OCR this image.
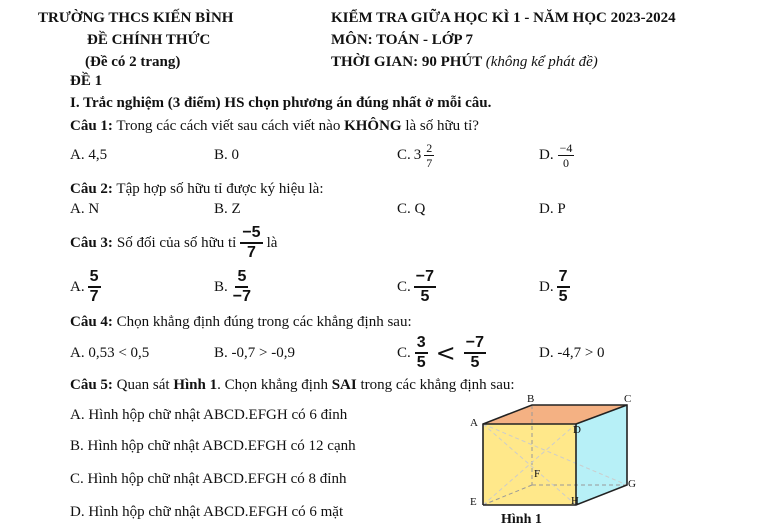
TRƯỜNG THCS KIẾN BÌNH
ĐỀ CHÍNH THỨC
(Đề có 2 trang)
KIỂM TRA GIỮA HỌC KÌ 1 - NĂM HỌC 2023-2024
MÔN: TOÁN - LỚP 7
THỜI GIAN: 90 PHÚT (không kể phát đề)
ĐỀ 1
I. Trắc nghiệm (3 điểm) HS chọn phương án đúng nhất ở mỗi câu.
Câu 1: Trong các cách viết sau cách viết nào KHÔNG là số hữu tỉ?
A. 4,5	B. 0	C. $3 \frac{2}{7}$	D. $\frac{-4}{0}$
Câu 2: Tập hợp số hữu tỉ được ký hiệu là:
A. N	B. Z	C. Q	D. P
Câu 3: Số đối của số hữu tỉ $\frac{-5}{7}$ là
A. $\frac{5}{7}$	B. $\frac{5}{-7}$	C. $\frac{-7}{5}$	D. $\frac{7}{5}$
Câu 4: Chọn khẳng định đúng trong các khẳng định sau:
A. 0,53 < 0,5	B. -0,7 > -0,9	C. $\frac{3}{5} < \frac{-7}{5}$	D. -4,7 > 0
Câu 5: Quan sát Hình 1. Chọn khẳng định SAI trong các khẳng định sau:
A. Hình hộp chữ nhật ABCD.EFGH có 6 đỉnh
B. Hình hộp chữ nhật ABCD.EFGH có 12 cạnh
C. Hình hộp chữ nhật ABCD.EFGH có 8 đỉnh
D. Hình hộp chữ nhật ABCD.EFGH có 6 mặt
A
B	C
D
E
F
G
H
Hình 1
